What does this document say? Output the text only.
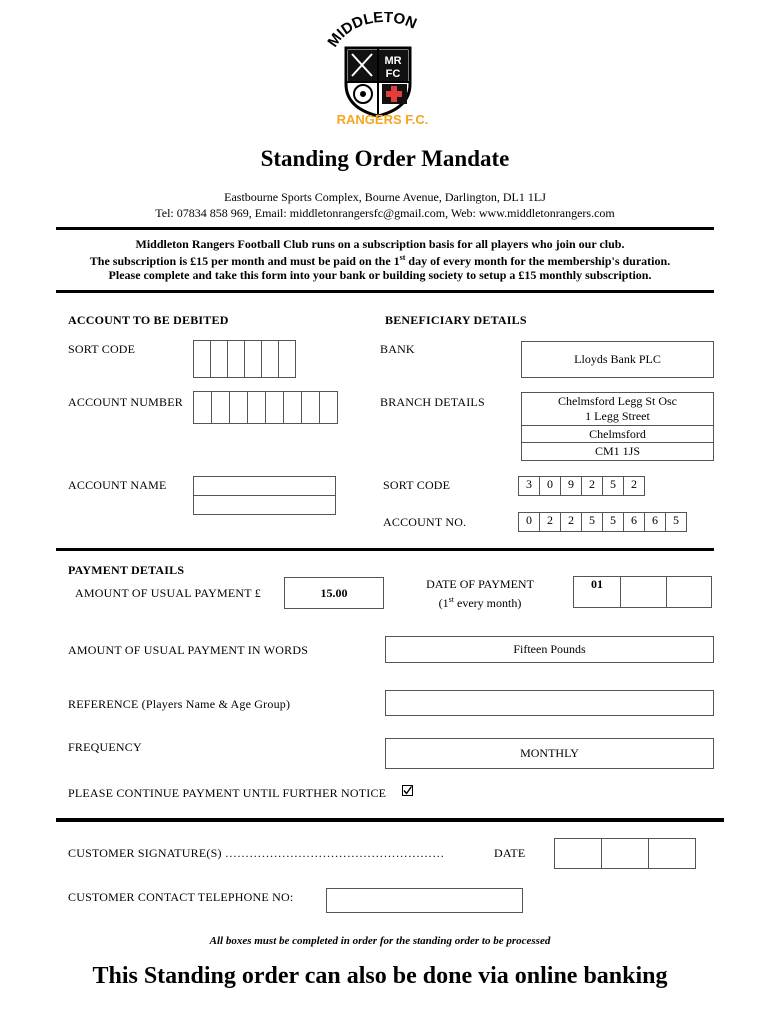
MIDDLETON
MR
FC
RANGERS F.C.
Standing Order Mandate
Eastbourne Sports Complex, Bourne Avenue, Darlington, DL1 1LJ
Tel: 07834 858 969, Email: middletonrangersfc@gmail.com, Web: www.middletonrangers.com
Middleton Rangers Football Club runs on a subscription basis for all players who join our club.
The subscription is £15 per month and must be paid on the 1st day of every month for the membership's duration.
Please complete and take this form into your bank or building society to setup a £15 monthly subscription.
ACCOUNT TO BE DEBITED
SORT CODE
ACCOUNT NUMBER
ACCOUNT NAME
BENEFICIARY DETAILS
BANK
Lloyds Bank PLC
BRANCH DETAILS	Chelmsford Legg St Osc
1 Legg Street
Chelmsford
CM1 1JS
SORT CODE	3	0	9	2	5	2
ACCOUNT NO.	0	2	2	5	5	6	6	5
PAYMENT DETAILS
AMOUNT OF USUAL PAYMENT £	15.00
DATE OF PAYMENT
(1st every month)
01
AMOUNT OF USUAL PAYMENT IN WORDS	Fifteen Pounds
REFERENCE (Players Name & Age Group)
FREQUENCY	MONTHLY
PLEASE CONTINUE PAYMENT UNTIL FURTHER NOTICE
CUSTOMER SIGNATURE(S) ………………………………………………	DATE
CUSTOMER CONTACT TELEPHONE NO:
All boxes must be completed in order for the standing order to be processed
This Standing order can also be done via online banking
